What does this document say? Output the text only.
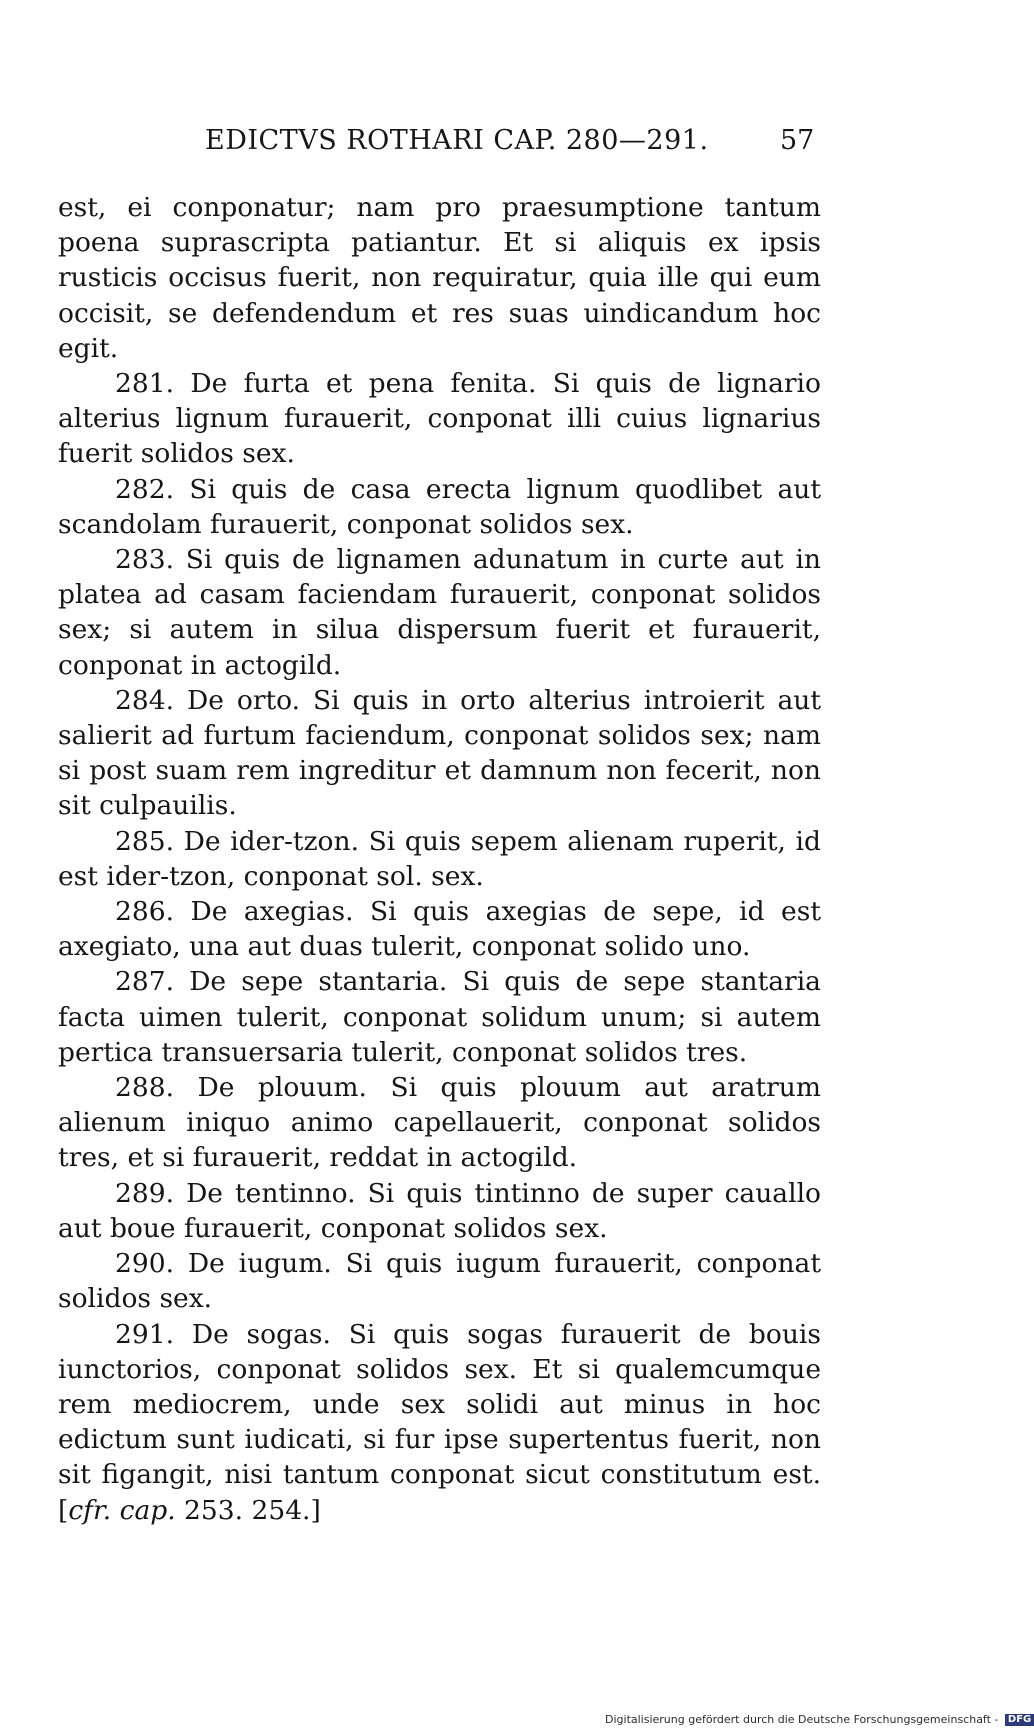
EDICTVS ROTHARI CAP. 280—291.	57

est, ei conponatur; nam pro praesumptione tantum poena suprascripta patiantur. Et si aliquis ex ipsis rusticis occisus fuerit, non requiratur, quia ille qui eum occisit, se defendendum et res suas uindicandum hoc egit.

281. De furta et pena fenita. Si quis de lignario alterius lignum furauerit, conponat illi cuius lignarius fuerit solidos sex.

282. Si quis de casa erecta lignum quodlibet aut scandolam furauerit, conponat solidos sex.

283. Si quis de lignamen adunatum in curte aut in platea ad casam faciendam furauerit, conponat solidos sex; si autem in silua dispersum fuerit et furauerit, conponat in actogild.

284. De orto. Si quis in orto alterius introierit aut salierit ad furtum faciendum, conponat solidos sex; nam si post suam rem ingreditur et damnum non fecerit, non sit culpauilis.

285. De ider-tzon. Si quis sepem alienam ruperit, id est ider-tzon, conponat sol. sex.

286. De axegias. Si quis axegias de sepe, id est axegiato, una aut duas tulerit, conponat solido uno.

287. De sepe stantaria. Si quis de sepe stantaria facta uimen tulerit, conponat solidum unum; si autem pertica transuersaria tulerit, conponat solidos tres.

288. De plouum. Si quis plouum aut aratrum alienum iniquo animo capellauerit, conponat solidos tres, et si furauerit, reddat in actogild.

289. De tentinno. Si quis tintinno de super cauallo aut boue furauerit, conponat solidos sex.

290. De iugum. Si quis iugum furauerit, conponat solidos sex.

291. De sogas. Si quis sogas furauerit de bouis iunctorios, conponat solidos sex. Et si qualemcumque rem mediocrem, unde sex solidi aut minus in hoc edictum sunt iudicati, si fur ipse supertentus fuerit, non sit figangit, nisi tantum conponat sicut constitutum est. [cfr. cap. 253. 254.]

Digitalisierung gefördert durch die Deutsche Forschungsgemeinschaft - DFG
